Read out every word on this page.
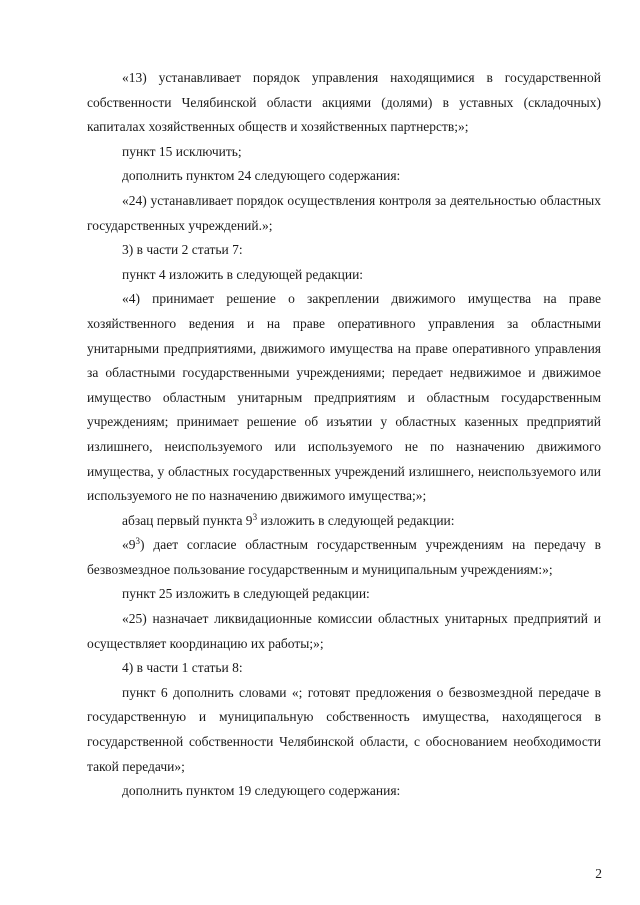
«13) устанавливает порядок управления находящимися в государственной собственности Челябинской области акциями (долями) в уставных (складочных) капиталах хозяйственных обществ и хозяйственных партнерств;»;

пункт 15 исключить;

дополнить пунктом 24 следующего содержания:

«24) устанавливает порядок осуществления контроля за деятельностью областных государственных учреждений.»;

3) в части 2 статьи 7:

пункт 4 изложить в следующей редакции:

«4) принимает решение о закреплении движимого имущества на праве хозяйственного ведения и на праве оперативного управления за областными унитарными предприятиями, движимого имущества на праве оперативного управления за областными государственными учреждениями; передает недвижимое и движимое имущество областным унитарным предприятиям и областным государственным учреждениям; принимает решение об изъятии у областных казенных предприятий излишнего, неиспользуемого или используемого не по назначению движимого имущества, у областных государственных учреждений излишнего, неиспользуемого или используемого не по назначению движимого имущества;»;

абзац первый пункта $9^3$ изложить в следующей редакции:

«$9^3$) дает согласие областным государственным учреждениям на передачу в безвозмездное пользование государственным и муниципальным учреждениям:»;

пункт 25 изложить в следующей редакции:

«25) назначает ликвидационные комиссии областных унитарных предприятий и осуществляет координацию их работы;»;

4) в части 1 статьи 8:

пункт 6 дополнить словами «; готовят предложения о безвозмездной передаче в государственную и муниципальную собственность имущества, находящегося в государственной собственности Челябинской области, с обоснованием необходимости такой передачи»;

дополнить пунктом 19 следующего содержания:

2
